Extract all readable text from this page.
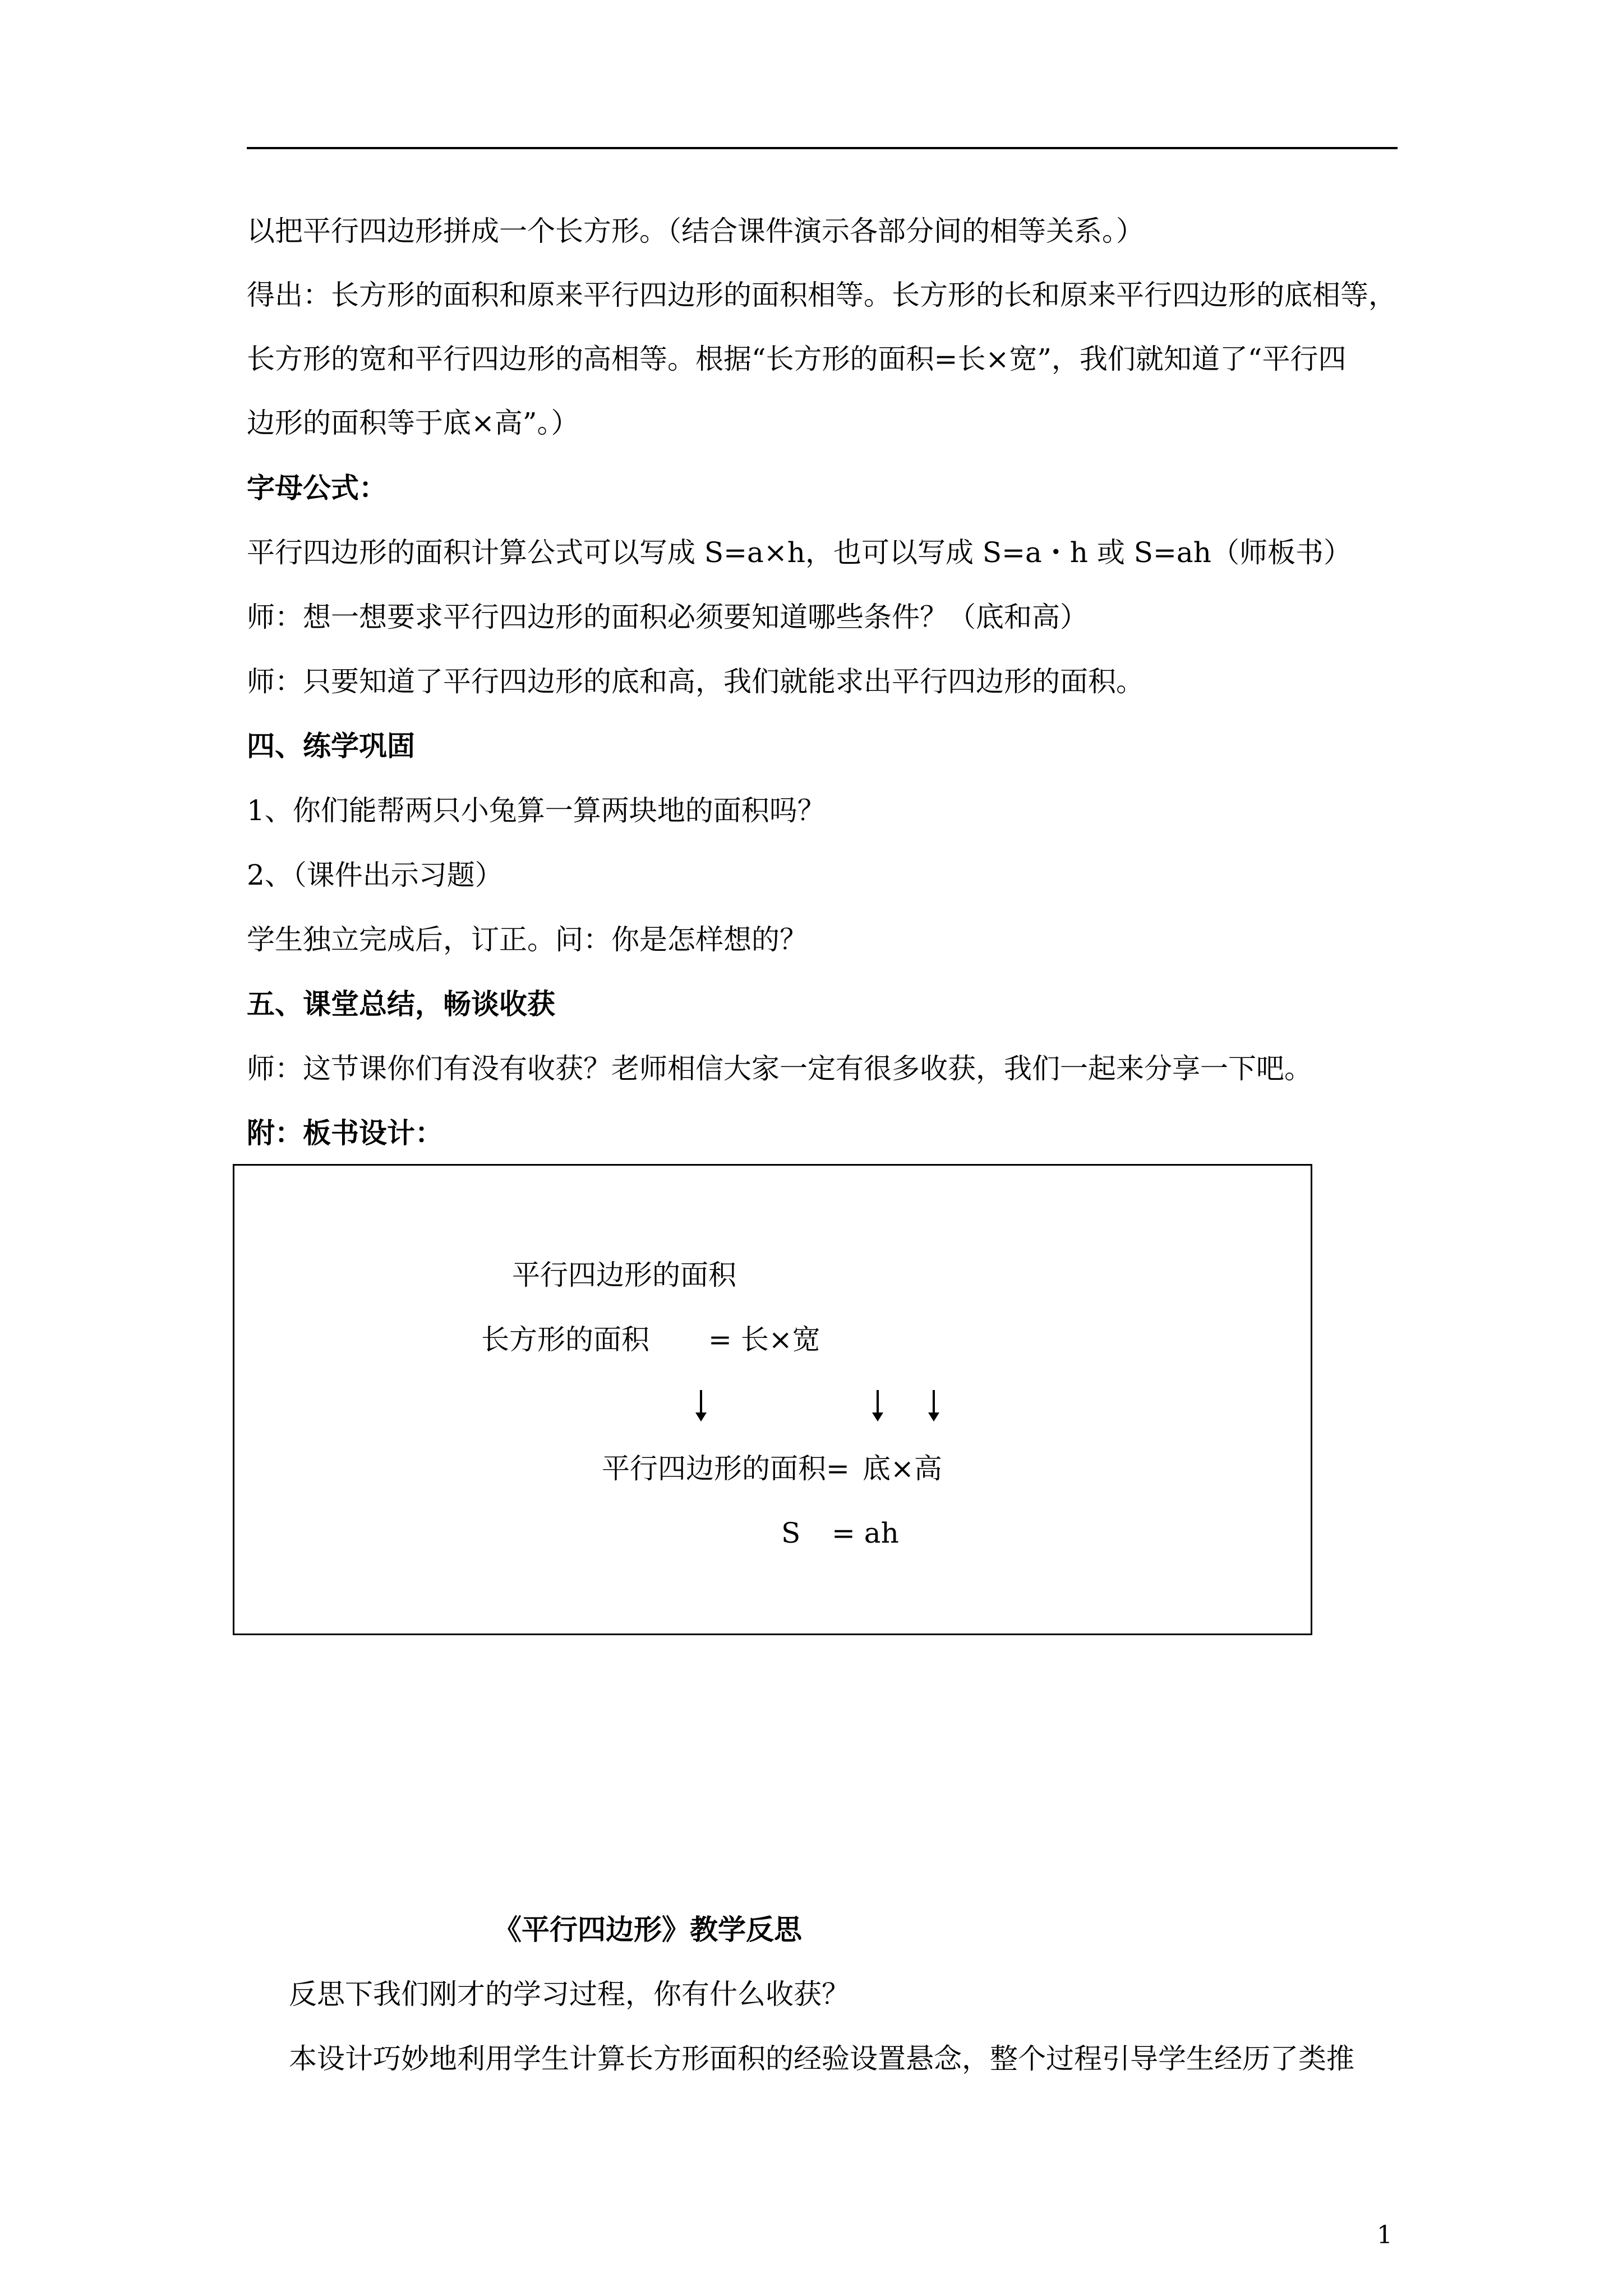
以把平行四边形拼成一个长方形。（结合课件演示各部分间的相等关系。）
得出：长方形的面积和原来平行四边形的面积相等。长方形的长和原来平行四边形的底相等，
长方形的宽和平行四边形的高相等。根据“长方形的面积=长×宽”，我们就知道了“平行四
边形的面积等于底×高”。）
字母公式：
平行四边形的面积计算公式可以写成 S=a×h，也可以写成 S=a・h 或 S=ah（师板书）
师：想一想要求平行四边形的面积必须要知道哪些条件？（底和高）
师：只要知道了平行四边形的底和高，我们就能求出平行四边形的面积。
四、练学巩固
1、你们能帮两只小兔算一算两块地的面积吗？
2、（课件出示习题）
学生独立完成后，订正。问：你是怎样想的？
五、课堂总结，畅谈收获
师：这节课你们有没有收获？老师相信大家一定有很多收获，我们一起来分享一下吧。
附：板书设计：
平行四边形的面积
长方形的面积 = 长×宽
平行四边形的面积= 底×高
S = ah
《平行四边形》教学反思
反思下我们刚才的学习过程，你有什么收获？
本设计巧妙地利用学生计算长方形面积的经验设置悬念，整个过程引导学生经历了类推
1
